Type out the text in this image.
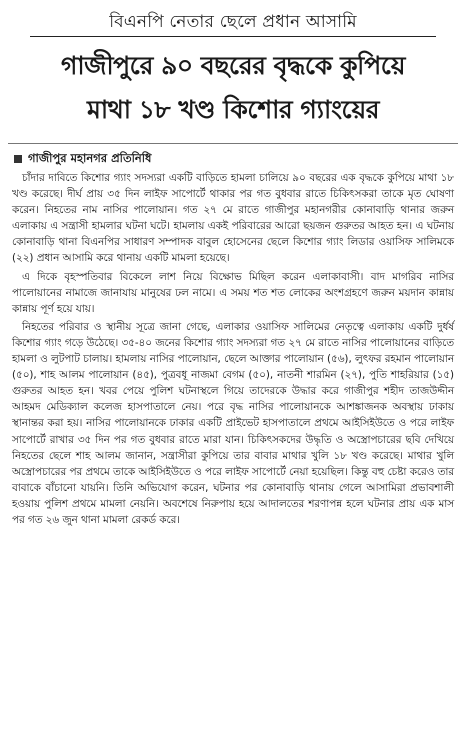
বিএনপি নেতার ছেলে প্রধান আসামি
গাজীপুরে ৯০ বছরের বৃদ্ধকে কুপিয়ে
মাথা ১৮ খণ্ড কিশোর গ্যাংয়ের
গাজীপুর মহানগর প্রতিনিধি

চাঁদার দাবিতে কিশোর গ্যাং সদস্যরা একটি বাড়িতে হামলা চালিয়ে ৯০ বছরের এক বৃদ্ধকে কুপিয়ে মাথা ১৮ খণ্ড করেছে। দীর্ঘ প্রায় ৩৫ দিন লাইফ সাপোর্টে থাকার পর গত বুধবার রাতে চিকিৎসকরা তাকে মৃত ঘোষণা করেন। নিহতের নাম নাসির পালোয়ান। গত ২৭ মে রাতে গাজীপুর মহানগরীর কোনাবাড়ি থানার জরুন এলাকায় এ সন্ত্রাসী হামলার ঘটনা ঘটে। হামলায় একই পরিবারের আরো ছয়জন গুরুতর আহত হন। এ ঘটনায় কোনাবাড়ি থানা বিএনপির সাধারণ সম্পাদক বাবুল হোসেনের ছেলে কিশোর গ্যাং লিডার ওয়াসিফ সালিমকে (২২) প্রধান আসামি করে থানায় একটি মামলা হয়েছে।

এ দিকে বৃহস্পতিবার বিকেলে লাশ নিয়ে বিক্ষোভ মিছিল করেন এলাকাবাসী। বাদ মাগরিব নাসির পালোয়ানের নামাজে জানাযায় মানুষের ঢল নামে। এ সময় শত শত লোকের অংশগ্রহণে জরুন ময়দান কান্নায় কান্নায় পূর্ণ হয়ে যায়।

নিহতের পরিবার ও স্থানীয় সূত্রে জানা গেছে, এলাকার ওয়াসিফ সালিমের নেতৃত্বে এলাকায় একটি দুর্ধর্ষ কিশোর গ্যাং গড়ে উঠেছে। ৩৫-৪০ জনের কিশোর গ্যাং সদস্যরা গত ২৭ মে রাতে নাসির পালোয়ানের বাড়িতে হামলা ও লুটপাট চালায়। হামলায় নাসির পালোয়ান, ছেলে আক্তার পালোয়ান (৫৬), লুৎফর রহমান পালোয়ান (৫০), শাহ আলম পালোয়ান (৪৫), পুত্রবধূ নাজমা বেগম (৫০), নাতনী শারমিন (২৭), পুতি শাহরিয়ার (১৫) গুরুতর আহত হন। খবর পেয়ে পুলিশ ঘটনাস্থলে গিয়ে তাদেরকে উদ্ধার করে গাজীপুর শহীদ তাজউদ্দীন আহমদ মেডিক্যাল কলেজ হাসপাতালে নেয়। পরে বৃদ্ধ নাসির পালোয়ানকে আশঙ্কাজনক অবস্থায় ঢাকায় স্থানান্তর করা হয়। নাসির পালোয়ানকে ঢাকার একটি প্রাইভেট হাসপাতালে প্রথমে আইসিইউতে ও পরে লাইফ সাপোর্টে রাখার ৩৫ দিন পর গত বুধবার রাতে মারা যান। চিকিৎসকদের উদ্ধৃতি ও অস্ত্রোপচারের ছবি দেখিয়ে নিহতের ছেলে শাহ আলম জানান, সন্ত্রাসীরা কুপিয়ে তার বাবার মাথার খুলি ১৮ খণ্ড করেছে। মাথার খুলি অস্ত্রোপচারের পর প্রথমে তাকে আইসিইউতে ও পরে লাইফ সাপোর্টে নেয়া হয়েছিল। কিন্তু বহু চেষ্টা করেও তার বাবাকে বাঁচানো যায়নি। তিনি অভিযোগ করেন, ঘটনার পর কোনাবাড়ি থানায় গেলে আসামিরা প্রভাবশালী হওয়ায় পুলিশ প্রথমে মামলা নেয়নি। অবশেষে নিরুপায় হয়ে আদালতের শরণাপন্ন হলে ঘটনার প্রায় এক মাস পর গত ২৬ জুন থানা মামলা রেকর্ড করে।
